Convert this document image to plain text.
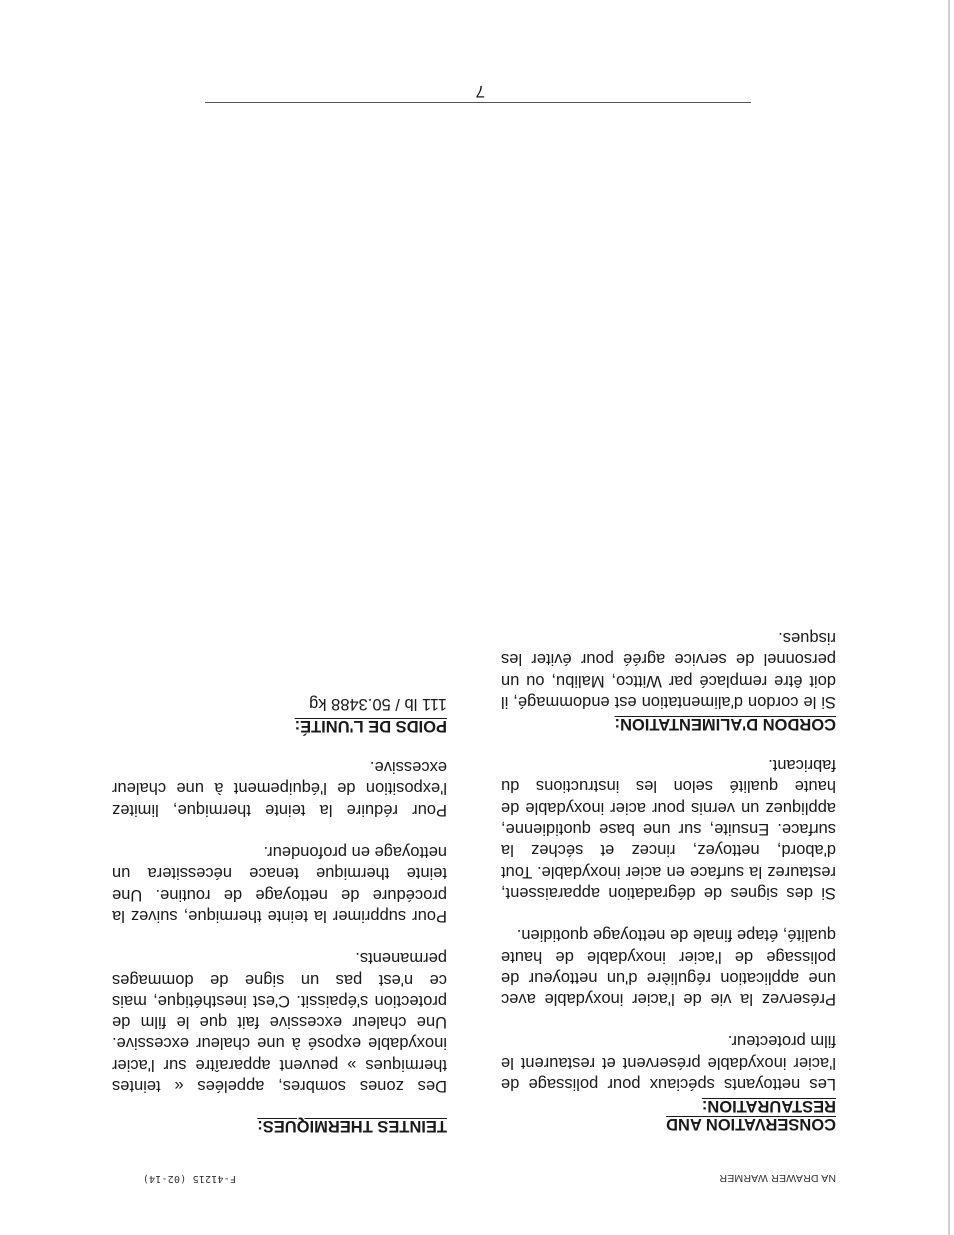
NA DRAWER WARMER
F-41215 (02-14)
CONSERVATION AND
RESTAURATION:
Les nettoyants spéciaux pour polissage de l'acier inoxydable préservent et restaurent le film protecteur.
Préservez la vie de l'acier inoxydable avec une application régulière d'un nettoyeur de polissage de l'acier inoxydable de haute qualité, étape finale de nettoyage quotidien.
Si des signes de dégradation apparaissent, restaurez la surface en acier inoxydable. Tout d'abord, nettoyez, rincez et séchez la surface. Ensuite, sur une base quotidienne, appliquez un vernis pour acier inoxydable de haute qualité selon les instructions du fabricant.
CORDON D'ALIMENTATION:
Si le cordon d'alimentation est endommagé, il doit être remplacé par Wittco, Malibu, ou un personnel de service agréé pour éviter les risques.
TEINTES THERMIQUES:
Des zones sombres, appelées « teintes thermiques » peuvent apparaître sur l'acier inoxydable exposé à une chaleur excessive. Une chaleur excessive fait que le film de protection s'épaissit. C'est inesthétique, mais ce n'est pas un signe de dommages permanents.
Pour supprimer la teinte thermique, suivez la procédure de nettoyage de routine. Une teinte thermique tenace nécessitera un nettoyage en profondeur.
Pour réduire la teinte thermique, limitez l'exposition de l'équipement à une chaleur excessive.
POIDS DE L'UNITÉ:
111 lb / 50.3488 kg
7
